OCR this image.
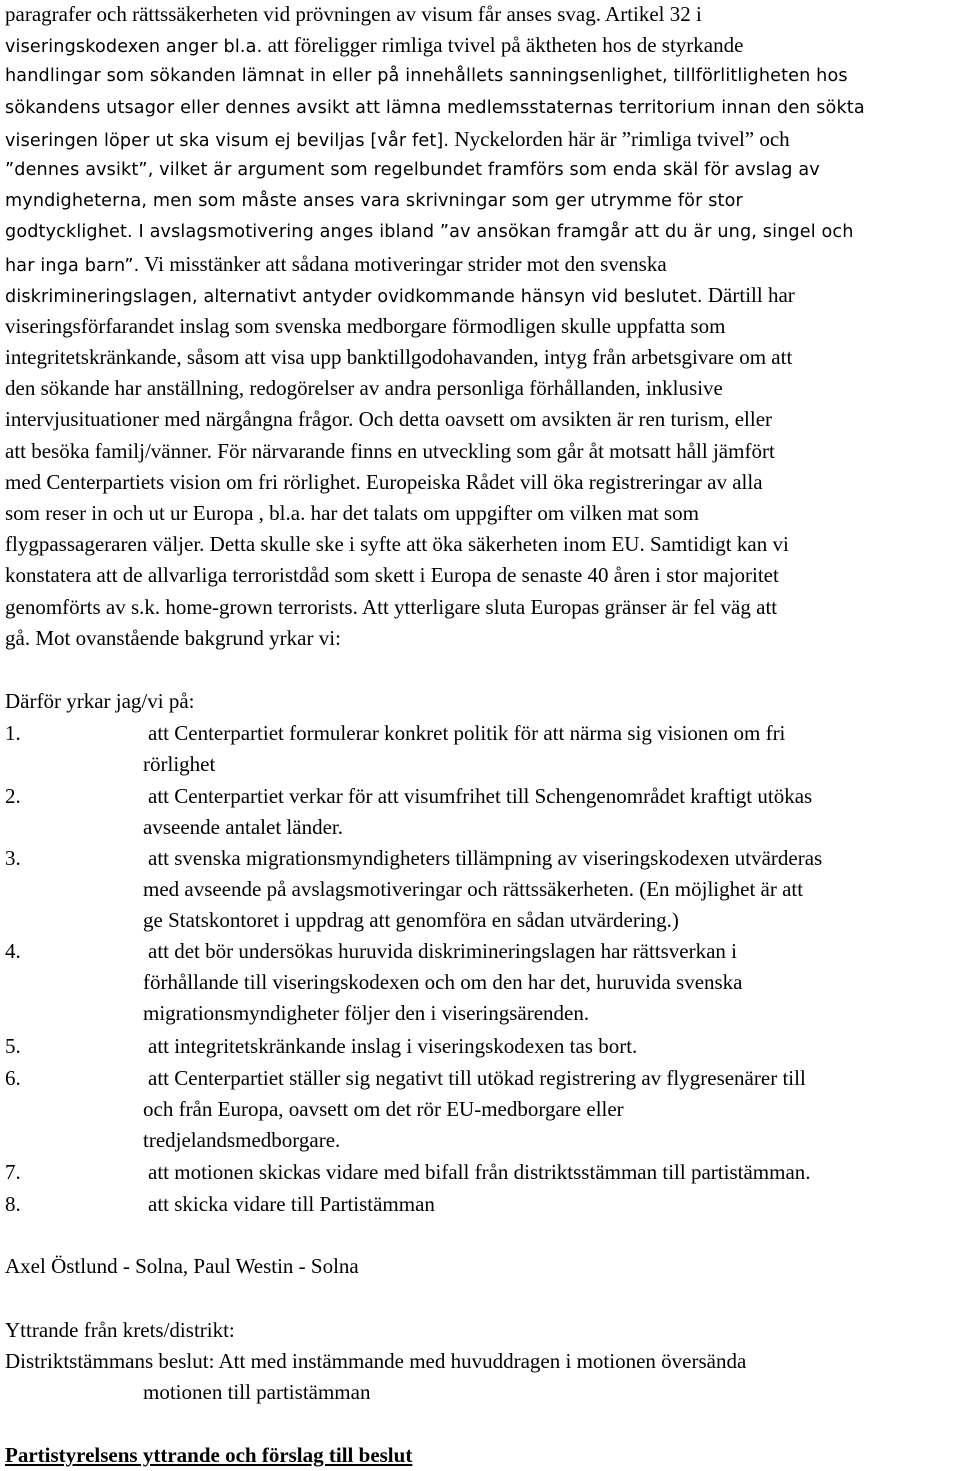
paragrafer och rättssäkerheten vid prövningen av visum får anses svag. Artikel 32 i
viseringskodexen anger bl.a. att föreligger rimliga tvivel på äktheten hos de styrkande
handlingar som sökanden lämnat in eller på innehållets sanningsenlighet, tillförlitligheten hos
sökandens utsagor eller dennes avsikt att lämna medlemsstaternas territorium innan den sökta
viseringen löper ut ska visum ej beviljas [vår fet]. Nyckelorden här är ”rimliga tvivel” och
”dennes avsikt”, vilket är argument som regelbundet framförs som enda skäl för avslag av
myndigheterna, men som måste anses vara skrivningar som ger utrymme för stor
godtycklighet. I avslagsmotivering anges ibland ”av ansökan framgår att du är ung, singel och
har inga barn”. Vi misstänker att sådana motiveringar strider mot den svenska
diskrimineringslagen, alternativt antyder ovidkommande hänsyn vid beslutet. Därtill har
viseringsförfarandet inslag som svenska medborgare förmodligen skulle uppfatta som
integritetskränkande, såsom att visa upp banktillgodohavanden, intyg från arbetsgivare om att
den sökande har anställning, redogörelser av andra personliga förhållanden, inklusive
intervjusituationer med närgångna frågor. Och detta oavsett om avsikten är ren turism, eller
att besöka familj/vänner. För närvarande finns en utveckling som går åt motsatt håll jämfört
med Centerpartiets vision om fri rörlighet. Europeiska Rådet vill öka registreringar av alla
som reser in och ut ur Europa , bl.a. har det talats om uppgifter om vilken mat som
flygpassageraren väljer. Detta skulle ske i syfte att öka säkerheten inom EU. Samtidigt kan vi
konstatera att de allvarliga terroristdåd som skett i Europa de senaste 40 åren i stor majoritet
genomförts av s.k. home-grown terrorists. Att ytterligare sluta Europas gränser är fel väg att
gå. Mot ovanstående bakgrund yrkar vi:
Därför yrkar jag/vi på:
1.	att Centerpartiet formulerar konkret politik för att närma sig visionen om fri
rörlighet
2.	att Centerpartiet verkar för att visumfrihet till Schengenområdet kraftigt utökas
avseende antalet länder.
3.	att svenska migrationsmyndigheters tillämpning av viseringskodexen utvärderas
med avseende på avslagsmotiveringar och rättssäkerheten. (En möjlighet är att
ge Statskontoret i uppdrag att genomföra en sådan utvärdering.)
4.	att det bör undersökas huruvida diskrimineringslagen har rättsverkan i
förhållande till viseringskodexen och om den har det, huruvida svenska
migrationsmyndigheter följer den i viseringsärenden.
5.	att integritetskränkande inslag i viseringskodexen tas bort.
6.	att Centerpartiet ställer sig negativt till utökad registrering av flygresenärer till
och från Europa, oavsett om det rör EU-medborgare eller
tredjelandsmedborgare.
7.	att motionen skickas vidare med bifall från distriktsstämman till partistämman.
8.	att skicka vidare till Partistämman
Axel Östlund - Solna, Paul Westin - Solna
Yttrande från krets/distrikt:
Distriktstämmans beslut: Att med instämmande med huvuddragen i motionen översända
motionen till partistämman
Partistyrelsens yttrande och förslag till beslut
